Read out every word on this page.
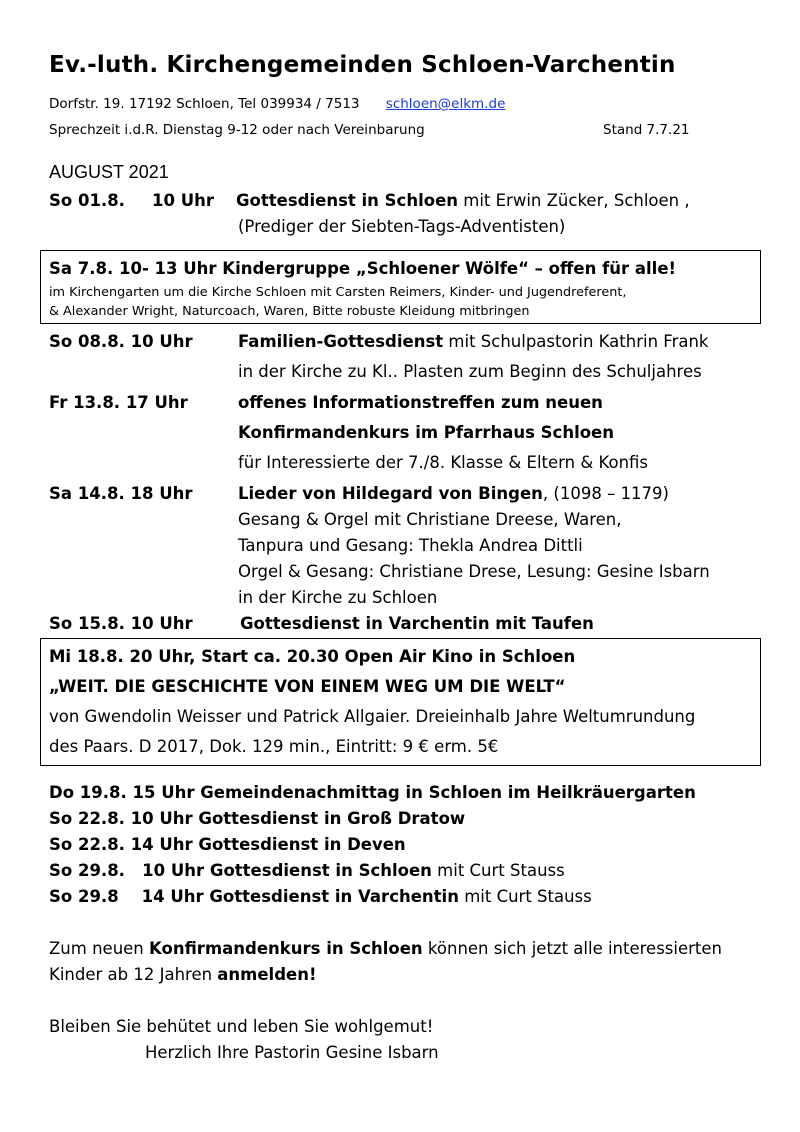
Ev.-luth. Kirchengemeinden Schloen-Varchentin
Dorfstr. 19. 17192 Schloen, Tel 039934 / 7513 schloen@elkm.de
Sprechzeit i.d.R. Dienstag 9-12 oder nach Vereinbarung	Stand 7.7.21
AUGUST 2021
So 01.8. 10 Uhr Gottesdienst in Schloen mit Erwin Zücker, Schloen ,
(Prediger der Siebten-Tags-Adventisten)
Sa 7.8. 10- 13 Uhr Kindergruppe „Schloener Wölfe“ – offen für alle!
im Kirchengarten um die Kirche Schloen mit Carsten Reimers, Kinder- und Jugendreferent,
& Alexander Wright, Naturcoach, Waren, Bitte robuste Kleidung mitbringen
So 08.8. 10 Uhr	Familien-Gottesdienst mit Schulpastorin Kathrin Frank
in der Kirche zu Kl.. Plasten zum Beginn des Schuljahres
Fr 13.8. 17 Uhr	offenes Informationstreffen zum neuen
Konfirmandenkurs im Pfarrhaus Schloen
für Interessierte der 7./8. Klasse & Eltern & Konfis
Sa 14.8. 18 Uhr	Lieder von Hildegard von Bingen, (1098 – 1179)
Gesang & Orgel mit Christiane Dreese, Waren,
Tanpura und Gesang: Thekla Andrea Dittli
Orgel & Gesang: Christiane Drese, Lesung: Gesine Isbarn
in der Kirche zu Schloen
So 15.8. 10 Uhr	Gottesdienst in Varchentin mit Taufen
Mi 18.8. 20 Uhr, Start ca. 20.30 Open Air Kino in Schloen
„WEIT. DIE GESCHICHTE VON EINEM WEG UM DIE WELT“
von Gwendolin Weisser und Patrick Allgaier. Dreieinhalb Jahre Weltumrundung
des Paars. D 2017, Dok. 129 min., Eintritt: 9 € erm. 5€
Do 19.8. 15 Uhr Gemeindenachmittag in Schloen im Heilkräuergarten
So 22.8. 10 Uhr Gottesdienst in Groß Dratow
So 22.8. 14 Uhr Gottesdienst in Deven
So 29.8.   10 Uhr Gottesdienst in Schloen mit Curt Stauss
So 29.8    14 Uhr Gottesdienst in Varchentin mit Curt Stauss
Zum neuen Konfirmandenkurs in Schloen können sich jetzt alle interessierten
Kinder ab 12 Jahren anmelden!
Bleiben Sie behütet und leben Sie wohlgemut!
Herzlich Ihre Pastorin Gesine Isbarn
